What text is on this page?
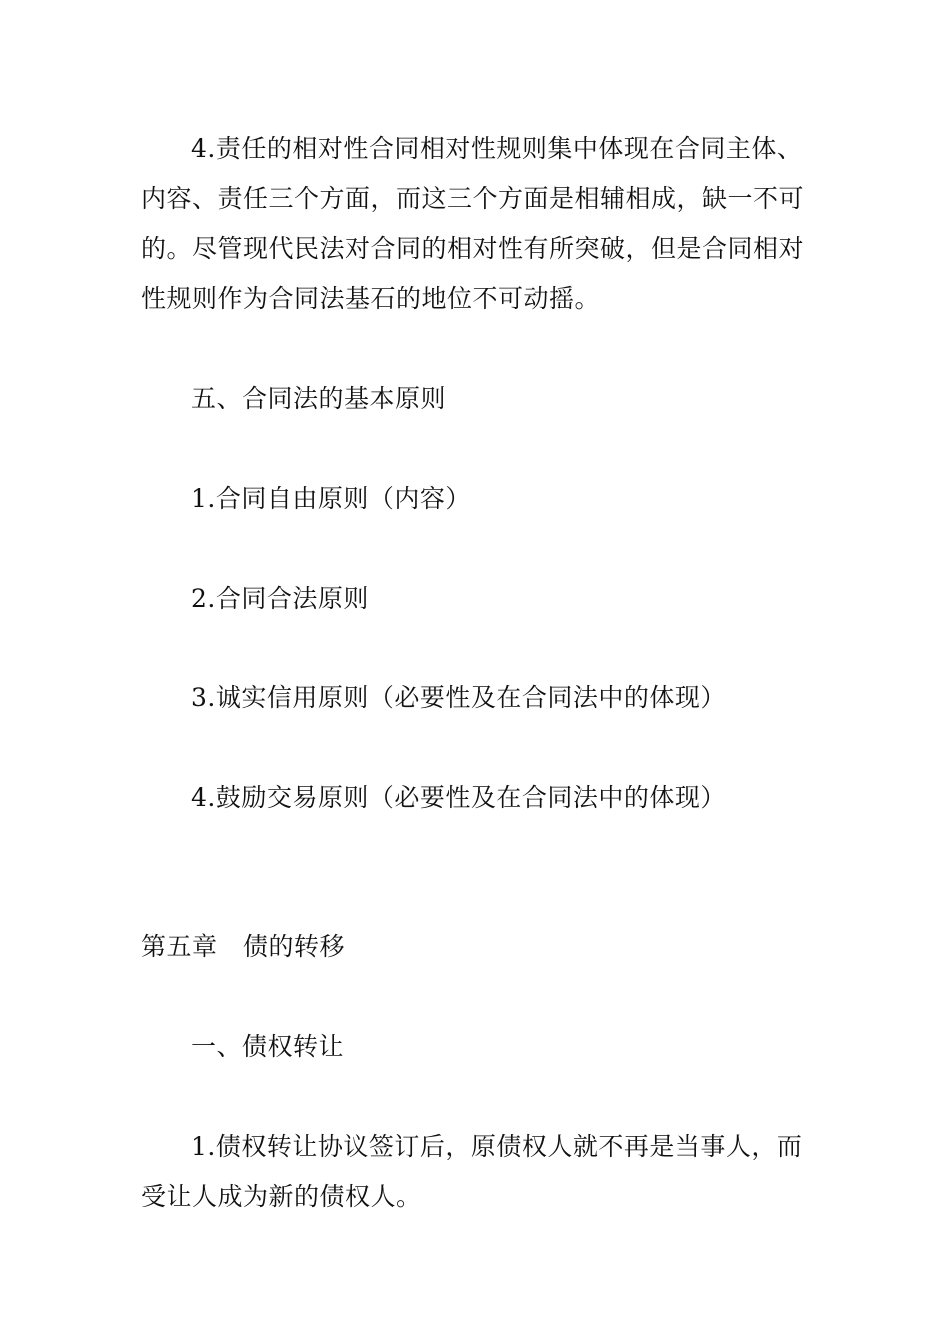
4.责任的相对性合同相对性规则集中体现在合同主体、
内容、责任三个方面，而这三个方面是相辅相成，缺一不可
的。尽管现代民法对合同的相对性有所突破，但是合同相对
性规则作为合同法基石的地位不可动摇。
五、合同法的基本原则
1.合同自由原则（内容）
2.合同合法原则
3.诚实信用原则（必要性及在合同法中的体现）
4.鼓励交易原则（必要性及在合同法中的体现）
第五章　债的转移
一、债权转让
1.债权转让协议签订后，原债权人就不再是当事人，而
受让人成为新的债权人。
